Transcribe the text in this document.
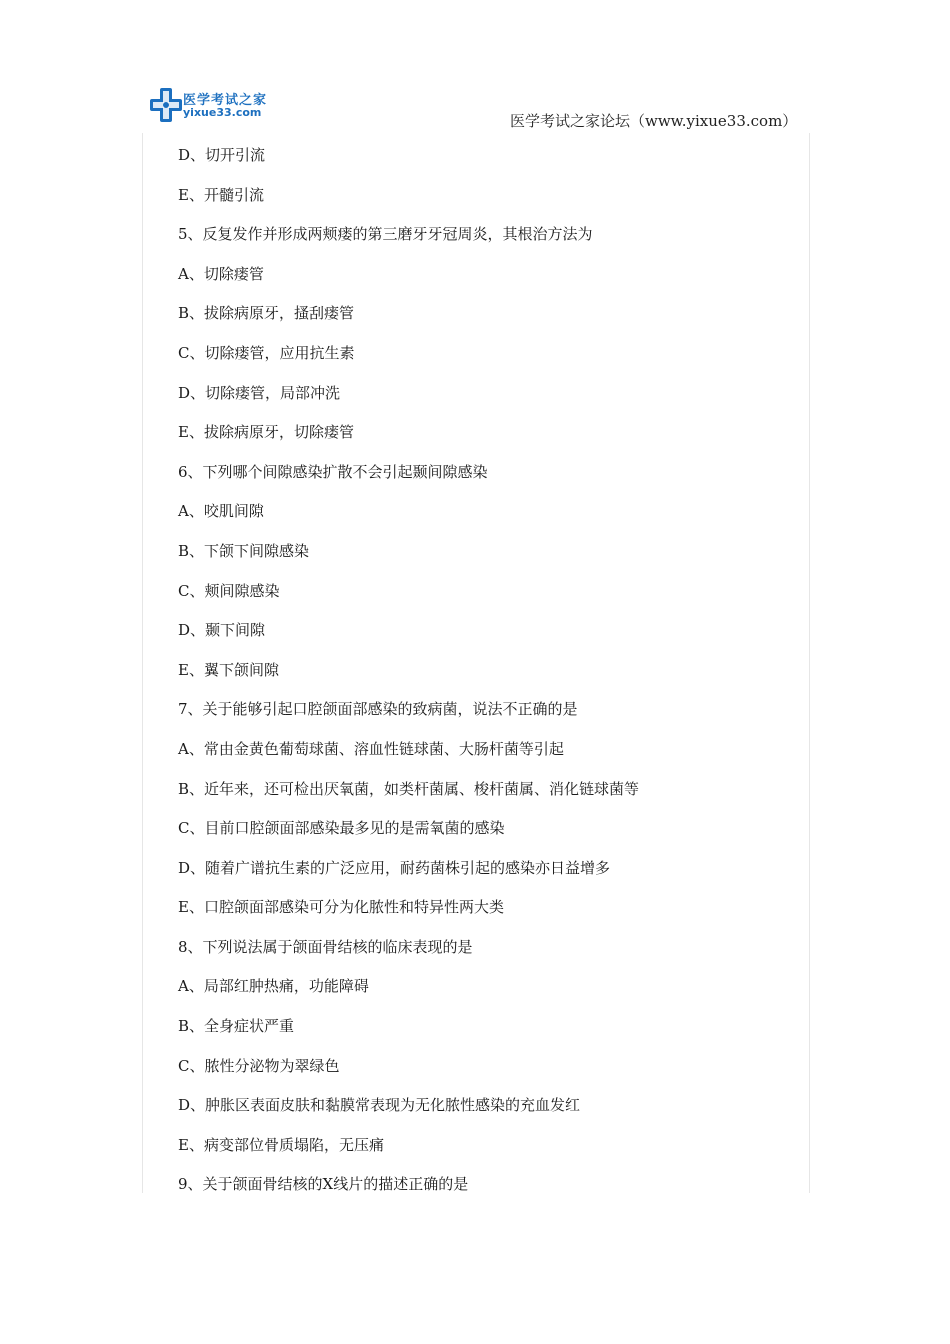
医学考试之家
yixue33.com	医学考试之家论坛（www.yixue33.com）
D、切开引流
E、开髓引流
5、反复发作并形成两颊瘘的第三磨牙牙冠周炎，其根治方法为
A、切除瘘管
B、拔除病原牙，搔刮瘘管
C、切除瘘管，应用抗生素
D、切除瘘管，局部冲洗
E、拔除病原牙，切除瘘管
6、下列哪个间隙感染扩散不会引起颞间隙感染
A、咬肌间隙
B、下颌下间隙感染
C、颊间隙感染
D、颞下间隙
E、翼下颌间隙
7、关于能够引起口腔颌面部感染的致病菌，说法不正确的是
A、常由金黄色葡萄球菌、溶血性链球菌、大肠杆菌等引起
B、近年来，还可检出厌氧菌，如类杆菌属、梭杆菌属、消化链球菌等
C、目前口腔颌面部感染最多见的是需氧菌的感染
D、随着广谱抗生素的广泛应用，耐药菌株引起的感染亦日益增多
E、口腔颌面部感染可分为化脓性和特异性两大类
8、下列说法属于颌面骨结核的临床表现的是
A、局部红肿热痛，功能障碍
B、全身症状严重
C、脓性分泌物为翠绿色
D、肿胀区表面皮肤和黏膜常表现为无化脓性感染的充血发红
E、病变部位骨质塌陷，无压痛
9、关于颌面骨结核的X线片的描述正确的是
